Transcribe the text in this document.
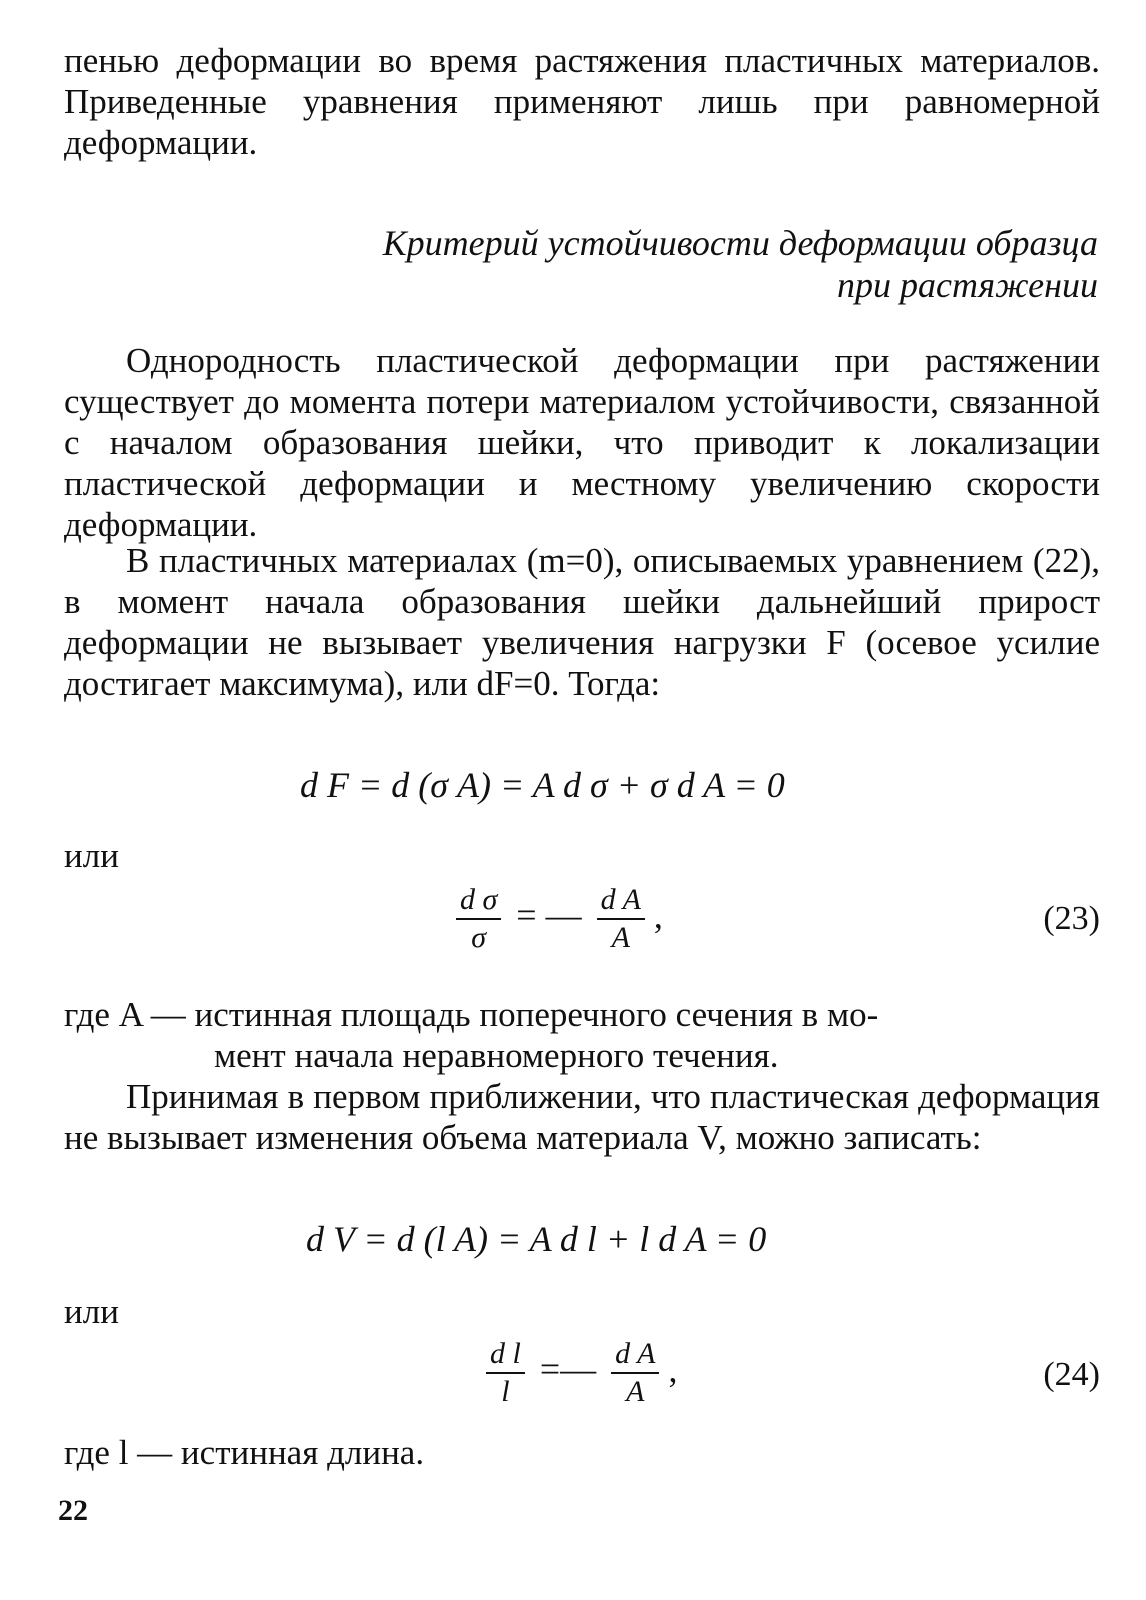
пенью деформации во время растяжения пластичных материалов. Приведенные уравнения применяют лишь при равномерной деформации.

Критерий устойчивости деформации образца
при растяжении

Однородность пластической деформации при растяжении существует до момента потери материалом устойчивости, связанной с началом образования шейки, что приводит к локализации пластической деформации и местному увеличению скорости деформации.

В пластичных материалах (m=0), описываемых уравнением (22), в момент начала образования шейки дальнейший прирост деформации не вызывает увеличения нагрузки F (осевое усилие достигает максимума), или dF=0. Тогда:

d F = d (σ A) = A d σ + σ d A = 0
или
$\frac{\text{d σ}}{\sigma}$ = — $\frac{\text{d A}}{A}$ ,	(23)
где A — истинная площадь поперечного сечения в мо-
мент начала неравномерного течения.

Принимая в первом приближении, что пластическая деформация не вызывает изменения объема материала V, можно записать:

d V = d (l A) = A d l + l d A = 0
или
$\frac{\text{d l}}{l}$ =— $\frac{\text{d A}}{A}$ ,	(24)
где l — истинная длина.
22
